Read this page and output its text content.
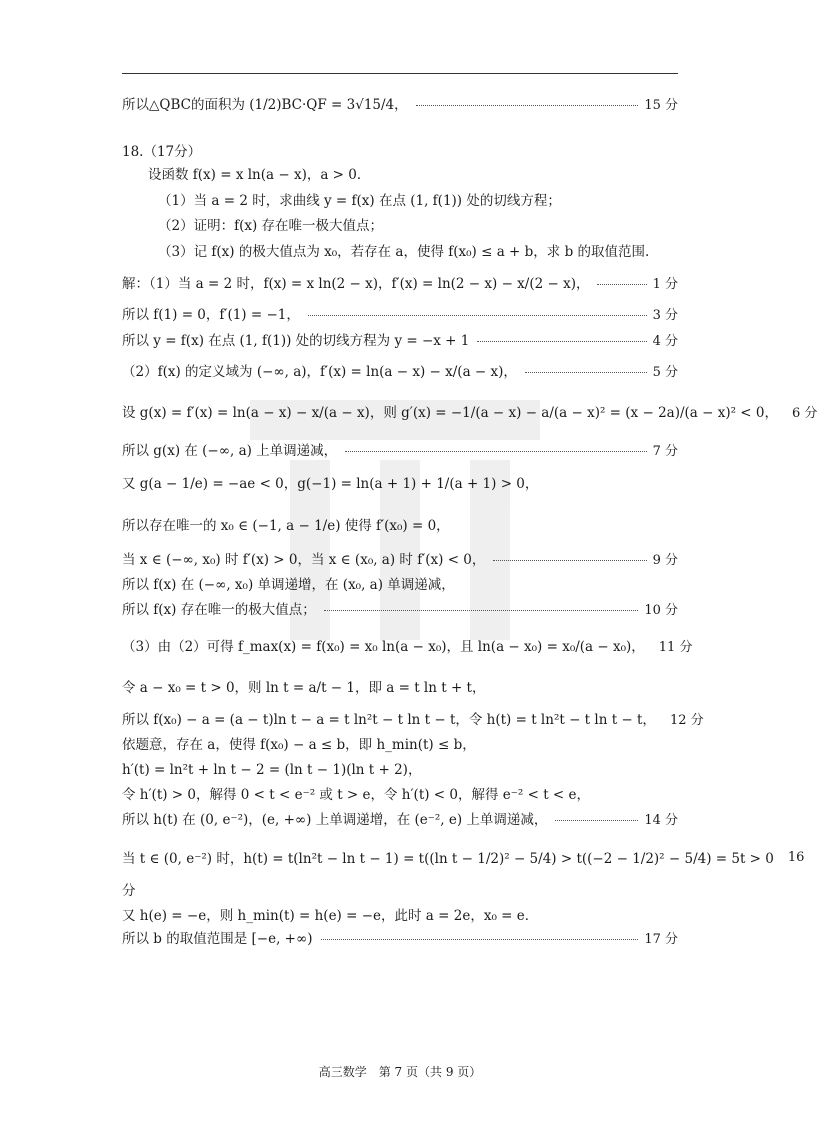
所以△QBC的面积为 (1/2)BC·QF = 3√15/4，	15 分
18.（17分）
设函数 f(x) = x ln(a − x)，a > 0．
（1）当 a = 2 时，求曲线 y = f(x) 在点 (1, f(1)) 处的切线方程；
（2）证明：f(x) 存在唯一极大值点；
（3）记 f(x) 的极大值点为 x₀，若存在 a，使得 f(x₀) ≤ a + b，求 b 的取值范围.
解：（1）当 a = 2 时，f(x) = x ln(2 − x)，f′(x) = ln(2 − x) − x/(2 − x)，	1 分
所以 f(1) = 0，f′(1) = −1，	3 分
所以 y = f(x) 在点 (1, f(1)) 处的切线方程为 y = −x + 1	4 分
（2）f(x) 的定义域为 (−∞, a)，f′(x) = ln(a − x) − x/(a − x)，	5 分
设 g(x) = f′(x) = ln(a − x) − x/(a − x)，则 g′(x) = −1/(a − x) − a/(a − x)² = (x − 2a)/(a − x)² < 0， 6 分
所以 g(x) 在 (−∞, a) 上单调递减，	7 分
又 g(a − 1/e) = −ae < 0，g(−1) = ln(a + 1) + 1/(a + 1) > 0，
所以存在唯一的 x₀ ∈ (−1, a − 1/e) 使得 f′(x₀) = 0，
当 x ∈ (−∞, x₀) 时 f′(x) > 0，当 x ∈ (x₀, a) 时 f′(x) < 0，	9 分
所以 f(x) 在 (−∞, x₀) 单调递增，在 (x₀, a) 单调递减，
所以 f(x) 存在唯一的极大值点；	10 分
（3）由（2）可得 f_max(x) = f(x₀) = x₀ ln(a − x₀)，且 ln(a − x₀) = x₀/(a − x₀)， 11 分
令 a − x₀ = t > 0，则 ln t = a/t − 1，即 a = t ln t + t，
所以 f(x₀) − a = (a − t)ln t − a = t ln²t − t ln t − t，令 h(t) = t ln²t − t ln t − t， 12 分
依题意，存在 a，使得 f(x₀) − a ≤ b，即 h_min(t) ≤ b，
h′(t) = ln²t + ln t − 2 = (ln t − 1)(ln t + 2)，
令 h′(t) > 0，解得 0 < t < e⁻² 或 t > e，令 h′(t) < 0，解得 e⁻² < t < e，
所以 h(t) 在 (0, e⁻²)，(e, +∞) 上单调递增，在 (e⁻², e) 上单调递减，	14 分
当 t ∈ (0, e⁻²) 时，h(t) = t(ln²t − ln t − 1) = t((ln t − 1/2)² − 5/4) > t((−2 − 1/2)² − 5/4) = 5t > 0 16
分
又 h(e) = −e，则 h_min(t) = h(e) = −e，此时 a = 2e，x₀ = e．
所以 b 的取值范围是 [−e, +∞)	17 分
高三数学　第 7 页（共 9 页）
